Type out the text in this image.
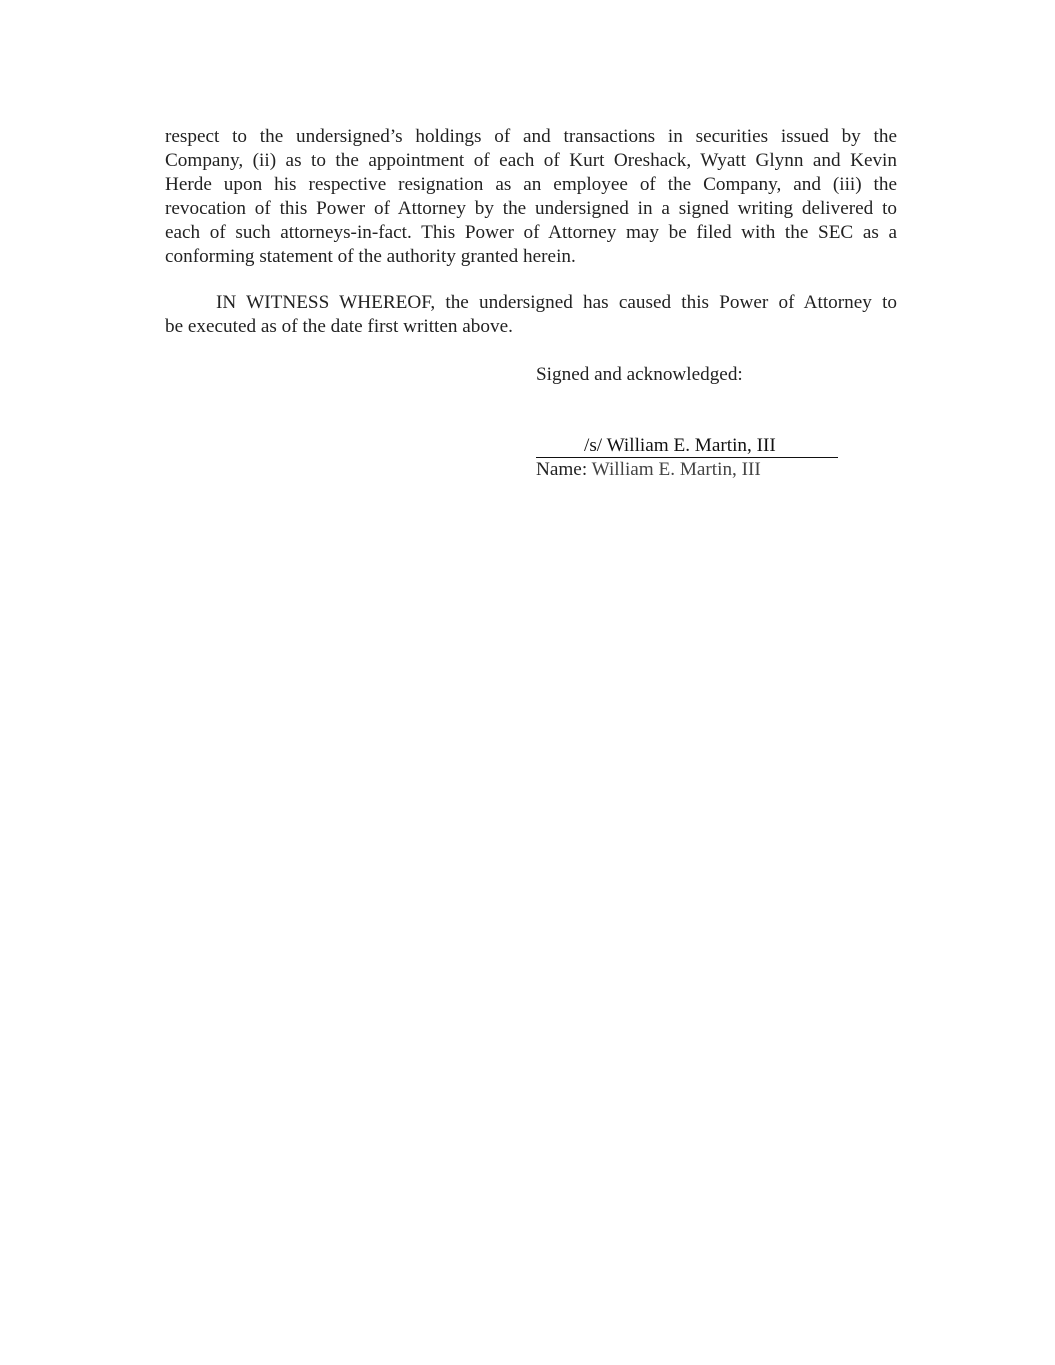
respect to the undersigned’s holdings of and transactions in securities issued by the
Company, (ii) as to the appointment of each of Kurt Oreshack, Wyatt Glynn and Kevin
Herde upon his respective resignation as an employee of the Company, and (iii) the
revocation of this Power of Attorney by the undersigned in a signed writing delivered to
each of such attorneys-in-fact. This Power of Attorney may be filed with the SEC as a
conforming statement of the authority granted herein.
IN WITNESS WHEREOF, the undersigned has caused this Power of Attorney to
be executed as of the date first written above.
Signed and acknowledged:
/s/ William E. Martin, III
Name: William E. Martin, III
